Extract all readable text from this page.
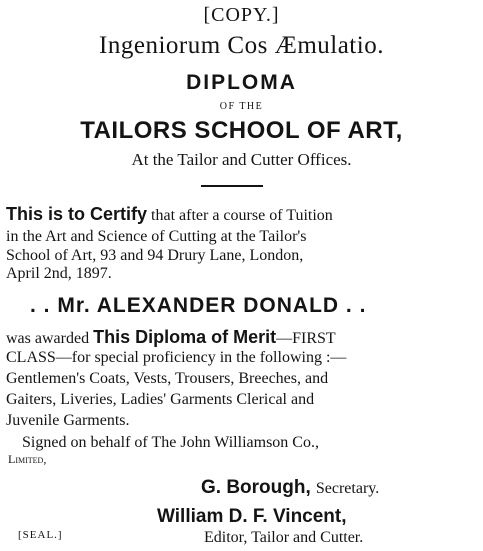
[COPY.]
Ingeniorum Cos Æmulatio.
DIPLOMA
OF THE
TAILORS SCHOOL OF ART,
At the Tailor and Cutter Offices.
This is to Certify that after a course of Tuition
in the Art and Science of Cutting at the Tailor's
School of Art, 93 and 94 Drury Lane, London,
April 2nd, 1897.
. . Mr. ALEXANDER DONALD . .
was awarded This Diploma of Merit—FIRST
CLASS—for special proficiency in the following :—
Gentlemen's Coats, Vests, Trousers, Breeches, and
Gaiters, Liveries, Ladies' Garments Clerical and
Juvenile Garments.
Signed on behalf of The John Williamson Co.,
Limited,
G. Borough, Secretary.
William D. F. Vincent,
Editor, Tailor and Cutter.
[SEAL.]
